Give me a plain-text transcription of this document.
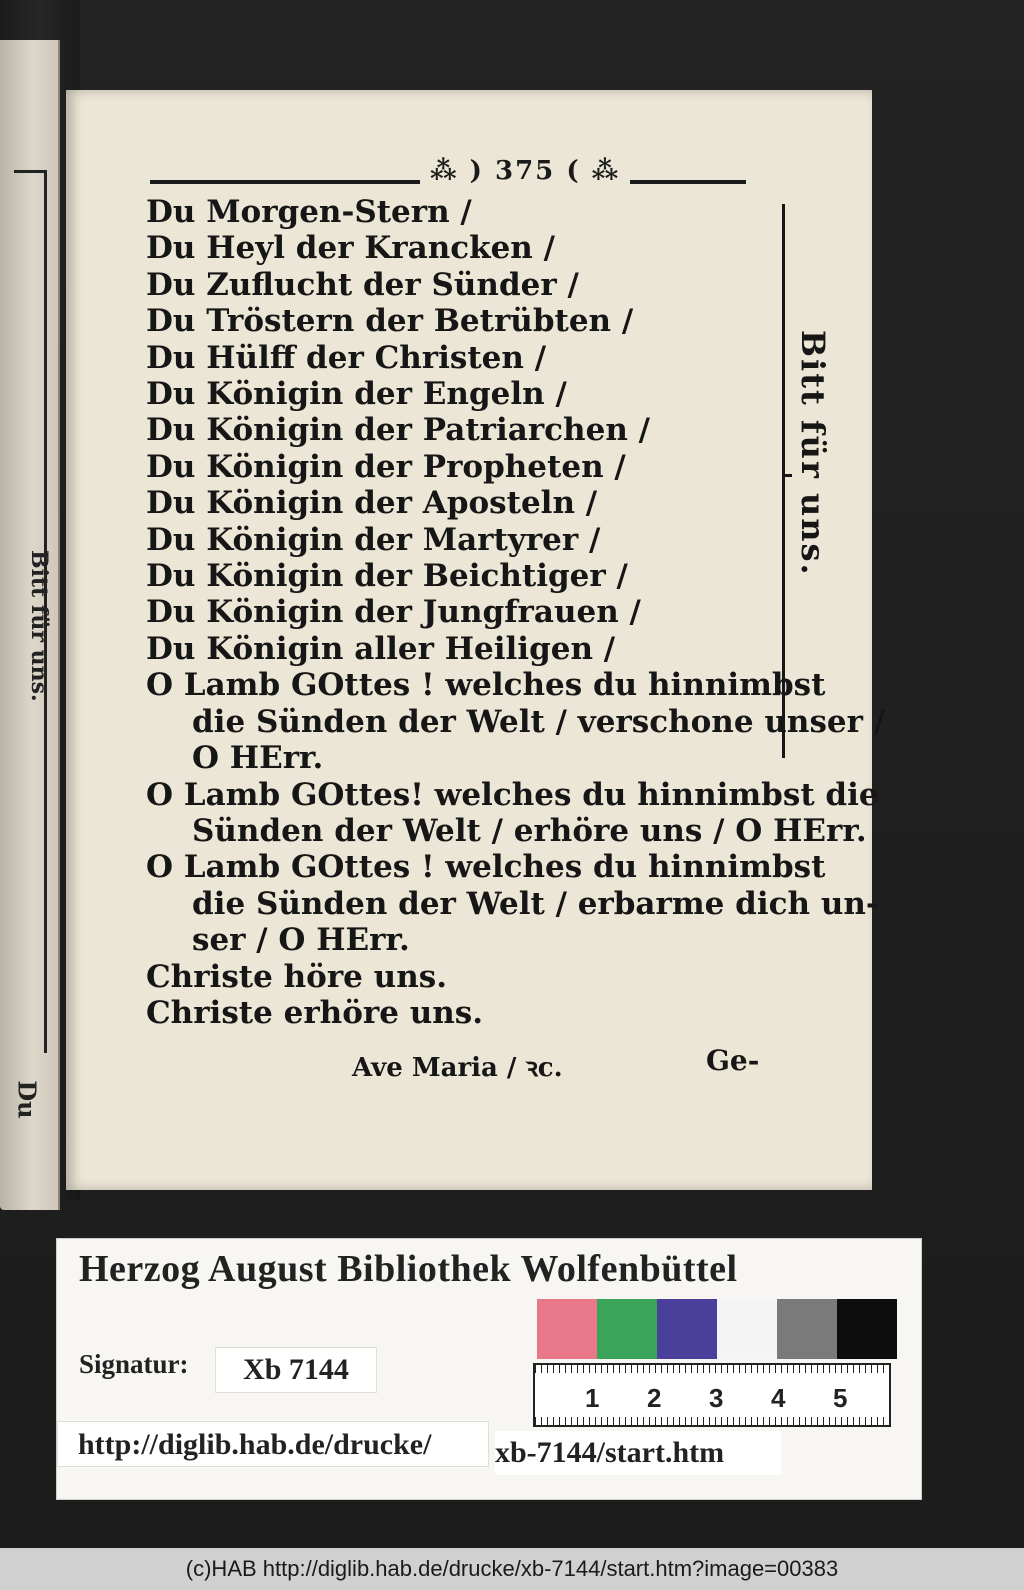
Bitt für uns.
Du
⁂ ) 375 ( ⁂
Du Morgen-Stern /
Du Heyl der Krancken /
Du Zuflucht der Sünder /
Du Tröstern der Betrübten /
Du Hülff der Christen /
Du Königin der Engeln /
Du Königin der Patriarchen /
Du Königin der Propheten /
Du Königin der Aposteln /
Du Königin der Martyrer /
Du Königin der Beichtiger /
Du Königin der Jungfrauen /
Du Königin aller Heiligen /
O Lamb GOttes ! welches du hinnimbst
die Sünden der Welt / verschone unser /
O HErr.
O Lamb GOttes! welches du hinnimbst die
Sünden der Welt / erhöre uns / O HErr.
O Lamb GOttes ! welches du hinnimbst
die Sünden der Welt / erbarme dich un-
ser / O HErr.
Christe höre uns.
Christe erhöre uns.
Bitt für uns.
Ave Maria / ꝛc.	Ge-
Herzog August Bibliothek Wolfenbüttel
1 2 3 4 5
Signatur:	Xb 7144
http://diglib.hab.de/drucke/	xb-7144/start.htm
(c)HAB http://diglib.hab.de/drucke/xb-7144/start.htm?image=00383
